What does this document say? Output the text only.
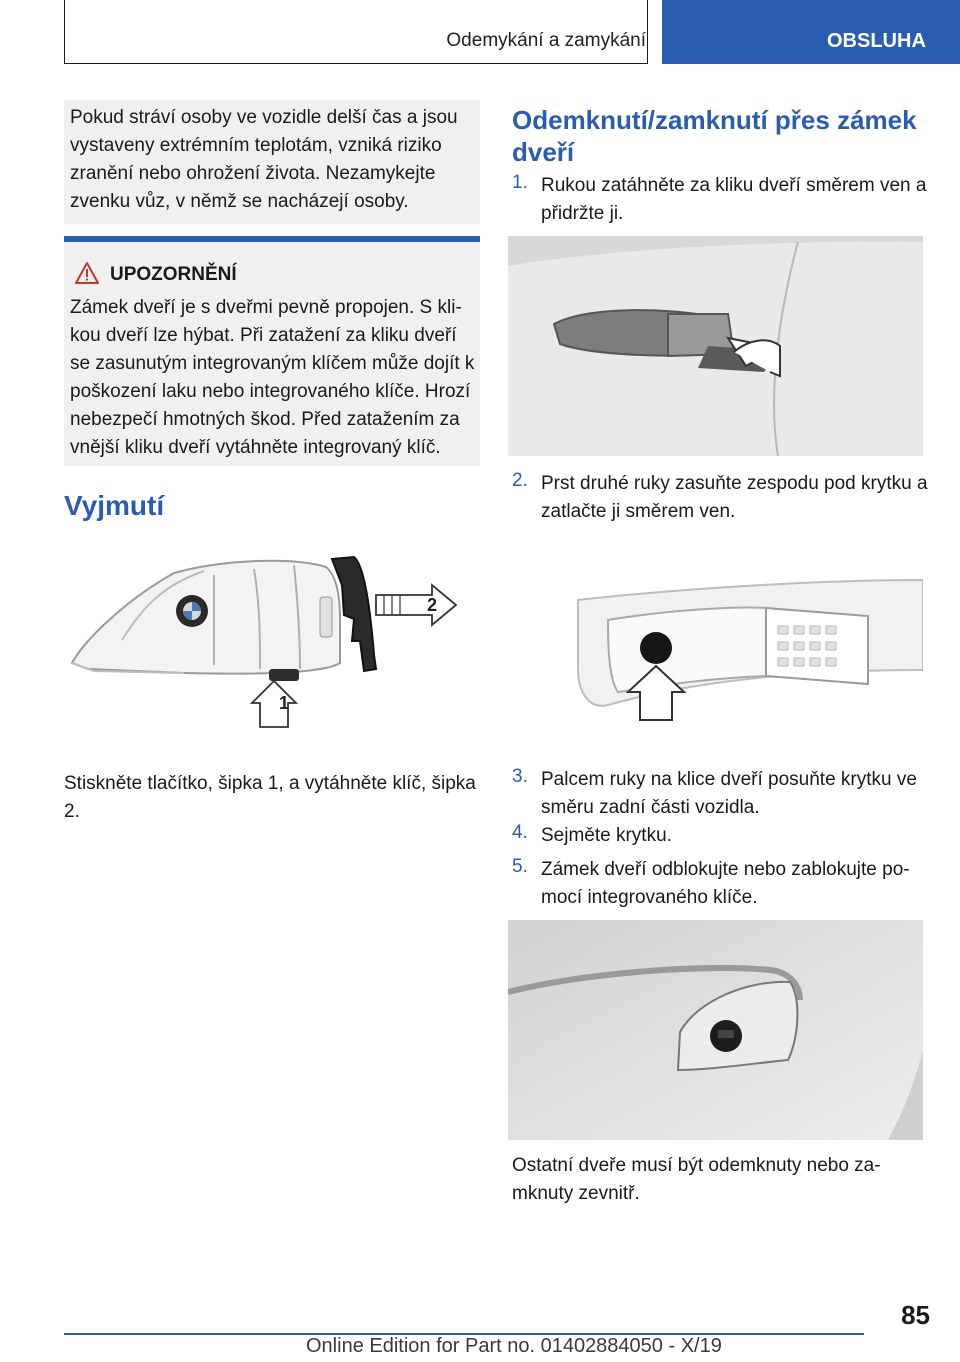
Odemykání a zamykání	OBSLUHA
Pokud stráví osoby ve vozidle delší čas a jsou vystaveny extrémním teplotám, vzniká riziko zranění nebo ohrožení života. Nezamykejte zvenku vůz, v němž se nacházejí osoby.
UPOZORNĚNÍ
Zámek dveří je s dveřmi pevně propojen. S kli-kou dveří lze hýbat. Při zatažení za kliku dveří se zasunutým integrovaným klíčem může dojít k poškození laku nebo integrovaného klíče. Hrozí nebezpečí hmotných škod. Před zatažením za vnější kliku dveří vytáhněte integrovaný klíč.
Vyjmutí
2
1
Stiskněte tlačítko, šipka 1, a vytáhněte klíč, šipka 2.
Odemknutí/zamknutí přes zámek dveří
1. Rukou zatáhněte za kliku dveří směrem ven a přidržte ji.
2. Prst druhé ruky zasuňte zespodu pod krytku a zatlačte ji směrem ven.
3. Palcem ruky na klice dveří posuňte krytku ve směru zadní části vozidla.
4. Sejměte krytku.
5. Zámek dveří odblokujte nebo zablokujte po-mocí integrovaného klíče.
Ostatní dveře musí být odemknuty nebo za-mknuty zevnitř.
85
Online Edition for Part no. 01402884050 - X/19
